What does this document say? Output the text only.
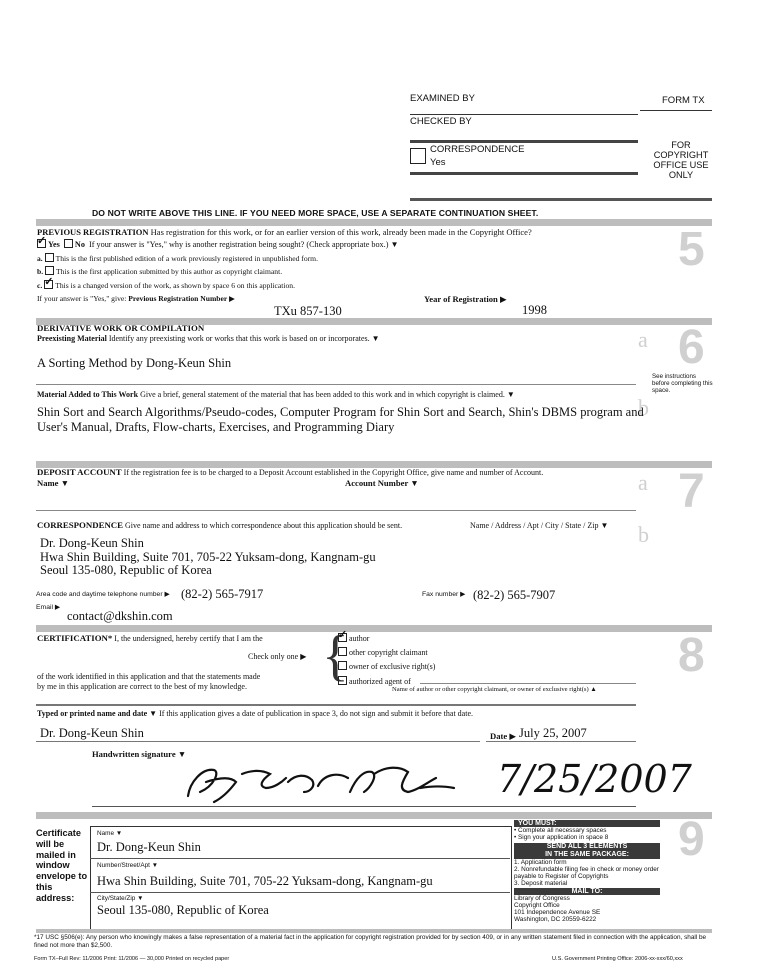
EXAMINED BY	FORM TX
CHECKED BY
CORRESPONDENCE
Yes
FOR COPYRIGHT OFFICE USE ONLY
DO NOT WRITE ABOVE THIS LINE. IF YOU NEED MORE SPACE, USE A SEPARATE CONTINUATION SHEET.
5
PREVIOUS REGISTRATION Has registration for this work, or for an earlier version of this work, already been made in the Copyright Office?
✓Yes No If your answer is "Yes," why is another registration being sought? (Check appropriate box.) ▼
a. This is the first published edition of a work previously registered in unpublished form.
b. This is the first application submitted by this author as copyright claimant.
c. ✓ This is a changed version of the work, as shown by space 6 on this application.
If your answer is "Yes," give: Previous Registration Number ▶
TXu 857-130
Year of Registration ▶
1998
a 6
DERIVATIVE WORK OR COMPILATION
Preexisting Material Identify any preexisting work or works that this work is based on or incorporates. ▼
A Sorting Method by Dong-Keun Shin
See instructions before completing this space.
Material Added to This Work Give a brief, general statement of the material that has been added to this work and in which copyright is claimed. ▼
b
Shin Sort and Search Algorithms/Pseudo-codes, Computer Program for Shin Sort and Search, Shin's DBMS program and
User's Manual, Drafts, Flow-charts, Exercises, and Programming Diary
a 7
DEPOSIT ACCOUNT If the registration fee is to be charged to a Deposit Account established in the Copyright Office, give name and number of Account.
Name ▼	Account Number ▼
CORRESPONDENCE Give name and address to which correspondence about this application should be sent.	Name / Address / Apt / City / State / Zip ▼ b
Dr. Dong-Keun Shin
Hwa Shin Building, Suite 701, 705-22 Yuksam-dong, Kangnam-gu
Seoul 135-080, Republic of Korea
Area code and daytime telephone number ▶ (82-2) 565-7917	Fax number ▶ (82-2) 565-7907
Email ▶
contact@dkshin.com
8
CERTIFICATION* I, the undersigned, hereby certify that I am the
Check only one ▶ { ✓ author
other copyright claimant
owner of exclusive right(s)
authorized agent of
Name of author or other copyright claimant, or owner of exclusive right(s) ▲
of the work identified in this application and that the statements made
by me in this application are correct to the best of my knowledge.
Typed or printed name and date ▼ If this application gives a date of publication in space 3, do not sign and submit it before that date.
Dr. Dong-Keun Shin	Date ▶ July 25, 2007
Handwritten signature ▼
7/25/2007
9
Certificate will be mailed in window envelope to this address:
Name ▼
Dr. Dong-Keun Shin
Number/Street/Apt ▼
Hwa Shin Building, Suite 701, 705-22 Yuksam-dong, Kangnam-gu
City/State/Zip ▼
Seoul 135-080, Republic of Korea
YOU MUST:
• Complete all necessary spaces
• Sign your application in space 8
SEND ALL 3 ELEMENTS
IN THE SAME PACKAGE:
1. Application form
2. Nonrefundable filing fee in check or money order payable to Register of Copyrights
3. Deposit material
MAIL TO:
Library of Congress
Copyright Office
101 Independence Avenue SE
Washington, DC 20559-6222
*17 USC §506(e): Any person who knowingly makes a false representation of a material fact in the application for copyright registration provided for by section 409, or in any written statement filed in connection with the application, shall be fined not more than $2,500.
Form TX–Full Rev: 11/2006 Print: 11/2006 — 30,000 Printed on recycled paper	U.S. Government Printing Office: 2006-xx-xxx/60,xxx
